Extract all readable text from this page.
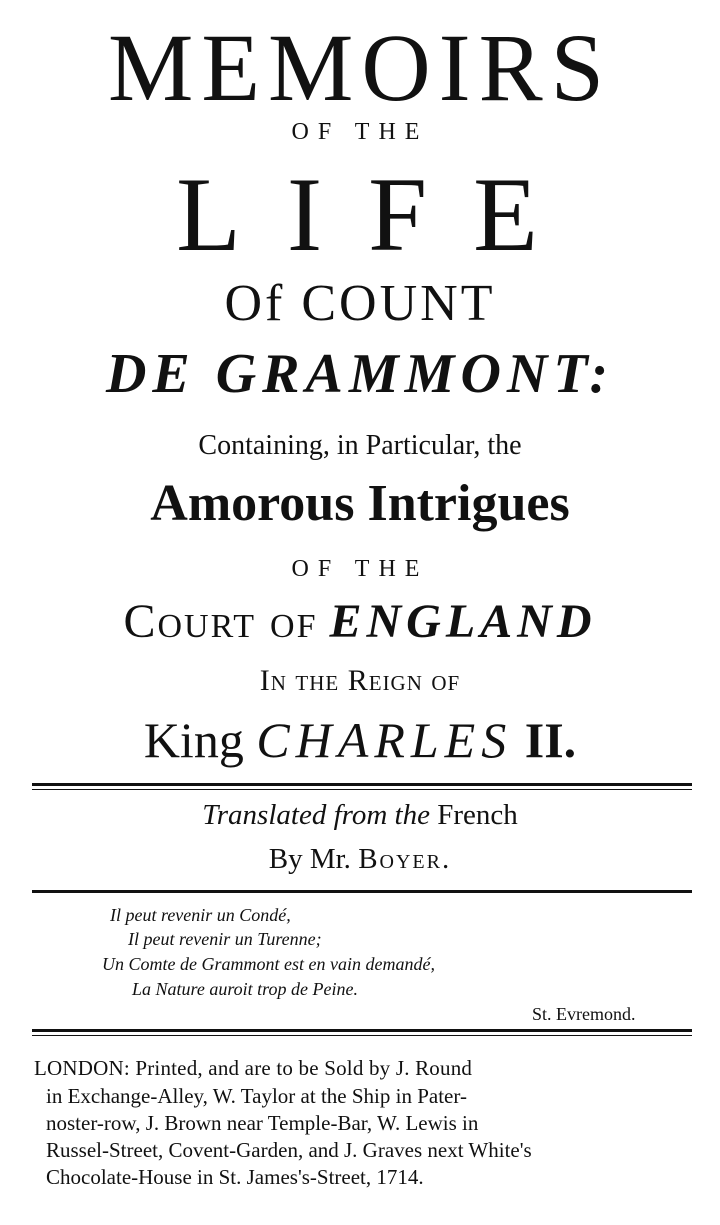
MEMOIRS
OF THE
LIFE
Of COUNT
DE GRAMMONT:
Containing, in Particular, the
Amorous Intrigues
OF THE
Court of ENGLAND
In the Reign of
King CHARLES II.
Translated from the French
By Mr. Boyer.
Il peut revenir un Condé,
Il peut revenir un Turenne;
Un Comte de Grammont est en vain demandé,
La Nature auroit trop de Peine.
St. Evremond.
LONDON: Printed, and are to be Sold by J. Round
in Exchange-Alley, W. Taylor at the Ship in Pater-
noster-row, J. Brown near Temple-Bar, W. Lewis in
Russel-Street, Covent-Garden, and J. Graves next White's
Chocolate-House in St. James's-Street, 1714.
